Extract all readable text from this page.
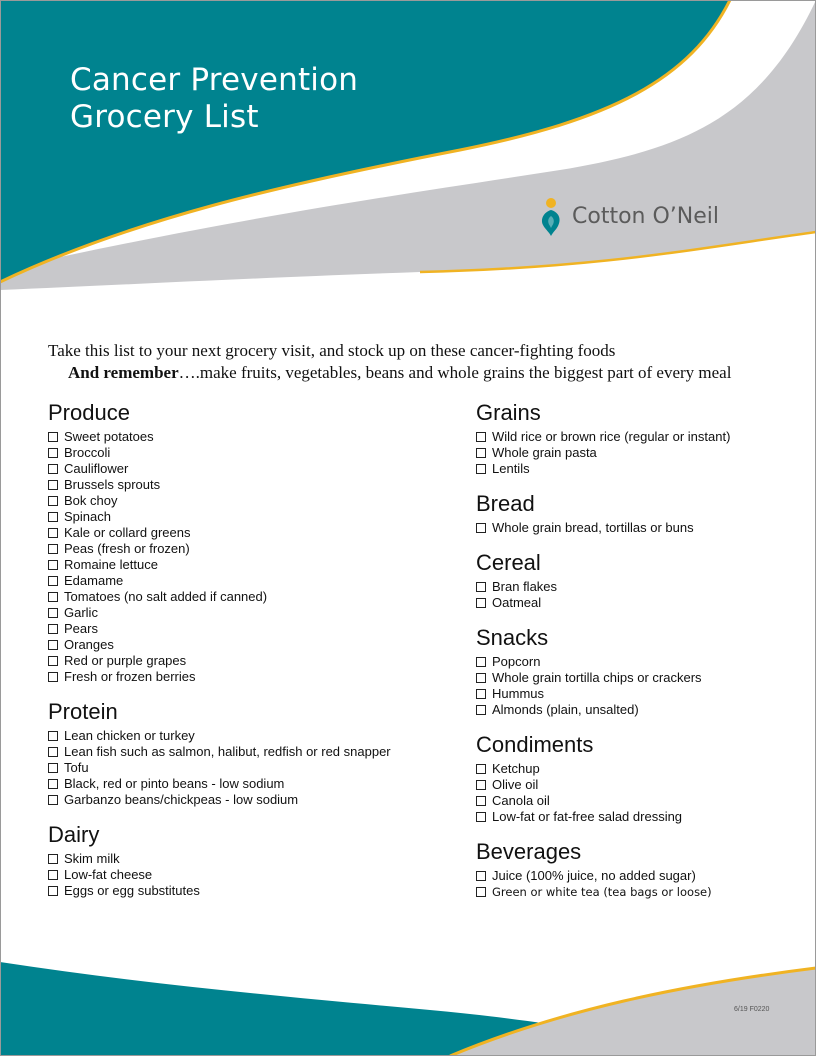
Cancer Prevention
Grocery List
Cotton O’Neil
Take this list to your next grocery visit, and stock up on these cancer-fighting foods
And remember….make fruits, vegetables, beans and whole grains the biggest part of every meal
Produce
Sweet potatoes
Broccoli
Cauliflower
Brussels sprouts
Bok choy
Spinach
Kale or collard greens
Peas (fresh or frozen)
Romaine lettuce
Edamame
Tomatoes (no salt added if canned)
Garlic
Pears
Oranges
Red or purple grapes
Fresh or frozen berries
Protein
Lean chicken or turkey
Lean fish such as salmon, halibut, redfish or red snapper
Tofu
Black, red or pinto beans - low sodium
Garbanzo beans/chickpeas - low sodium
Dairy
Skim milk
Low-fat cheese
Eggs or egg substitutes
Grains
Wild rice or brown rice (regular or instant)
Whole grain pasta
Lentils
Bread
Whole grain bread, tortillas or buns
Cereal
Bran flakes
Oatmeal
Snacks
Popcorn
Whole grain tortilla chips or crackers
Hummus
Almonds (plain, unsalted)
Condiments
Ketchup
Olive oil
Canola oil
Low-fat or fat-free salad dressing
Beverages
Juice (100% juice, no added sugar)
Green or white tea (tea bags or loose)
6/19 F0220
